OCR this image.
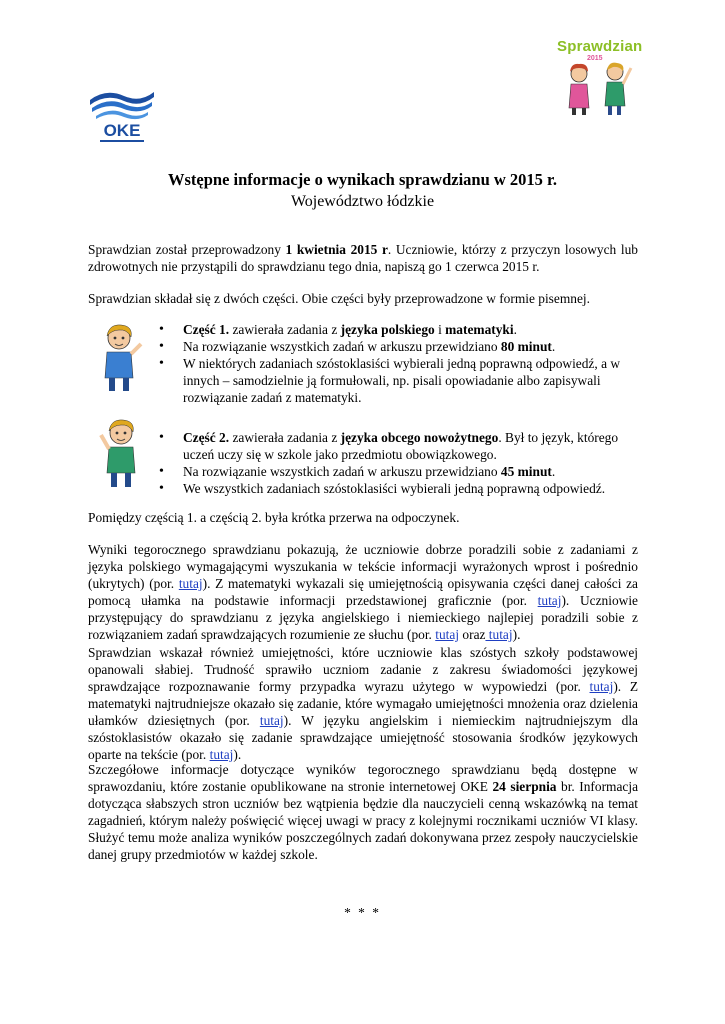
OKE
Sprawdzian
2015
Wstępne informacje o wynikach sprawdzianu w 2015 r.
Województwo łódzkie
Sprawdzian został przeprowadzony 1 kwietnia 2015 r. Uczniowie, którzy z przyczyn losowych lub zdrowotnych nie przystąpili do sprawdzianu tego dnia, napiszą go 1 czerwca 2015 r.
Sprawdzian składał się z dwóch części. Obie części były przeprowadzone w formie pisemnej.
• Część 1. zawierała zadania z języka polskiego i matematyki.
• Na rozwiązanie wszystkich zadań w arkuszu przewidziano 80 minut.
• W niektórych zadaniach szóstoklasiści wybierali jedną poprawną odpowiedź, a w innych – samodzielnie ją formułowali, np. pisali opowiadanie albo zapisywali rozwiązanie zadań z matematyki.
• Część 2. zawierała zadania z języka obcego nowożytnego. Był to język, którego uczeń uczy się w szkole jako przedmiotu obowiązkowego.
• Na rozwiązanie wszystkich zadań w arkuszu przewidziano 45 minut.
• We wszystkich zadaniach szóstoklasiści wybierali jedną poprawną odpowiedź.
Pomiędzy częścią 1. a częścią 2. była krótka przerwa na odpoczynek.
Wyniki tegorocznego sprawdzianu pokazują, że uczniowie dobrze poradzili sobie z zadaniami z języka polskiego wymagającymi wyszukania w tekście informacji wyrażonych wprost i pośrednio (ukrytych) (por. tutaj). Z matematyki wykazali się umiejętnością opisywania części danej całości za pomocą ułamka na podstawie informacji przedstawionej graficznie (por. tutaj). Uczniowie przystępujący do sprawdzianu z języka angielskiego i niemieckiego najlepiej poradzili sobie z rozwiązaniem zadań sprawdzających rozumienie ze słuchu (por. tutaj oraz tutaj).
Sprawdzian wskazał również umiejętności, które uczniowie klas szóstych szkoły podstawowej opanowali słabiej. Trudność sprawiło uczniom zadanie z zakresu świadomości językowej sprawdzające rozpoznawanie formy przypadka wyrazu użytego w wypowiedzi (por. tutaj). Z matematyki najtrudniejsze okazało się zadanie, które wymagało umiejętności mnożenia oraz dzielenia ułamków dziesiętnych (por. tutaj). W języku angielskim i niemieckim najtrudniejszym dla szóstoklasistów okazało się zadanie sprawdzające umiejętność stosowania środków językowych oparte na tekście (por. tutaj).
Szczegółowe informacje dotyczące wyników tegorocznego sprawdzianu będą dostępne w sprawozdaniu, które zostanie opublikowane na stronie internetowej OKE 24 sierpnia br. Informacja dotycząca słabszych stron uczniów bez wątpienia będzie dla nauczycieli cenną wskazówką na temat zagadnień, którym należy poświęcić więcej uwagi w pracy z kolejnymi rocznikami uczniów VI klasy. Służyć temu może analiza wyników poszczególnych zadań dokonywana przez zespoły nauczycielskie danej grupy przedmiotów w każdej szkole.
* * *
